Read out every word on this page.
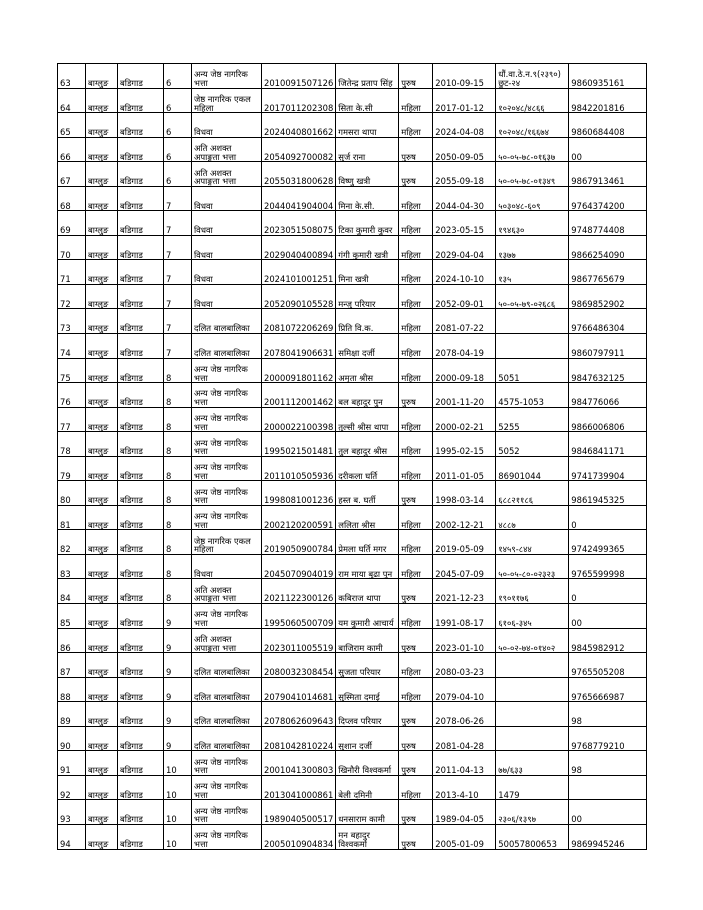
63	बाग्लुङ	बडिगाड	6	अन्य जेष्ठ नागरिक भत्ता	2010091507126	जितेन्द्र प्रताप सिंह	पुरुष	2010-09-15	धौं.वा.ठे.न.९(२३९०) छुट-२४	9860935161
64	बाग्लुङ	बडिगाड	6	जेष्ठ नागरिक एकल महिला	2017011202308	सिता के.सी	महिला	2017-01-12	१०२०४८/४८६६	9842201816
65	बाग्लुङ	बडिगाड	6	विधवा	2024040801662	गमसरा थापा	महिला	2024-04-08	१०२०४८/१६६७४	9860684408
66	बाग्लुङ	बडिगाड	6	अति अशक्त अपाङ्गता भत्ता	2054092700082	सुर्ज राना	पुरुष	2050-09-05	५०-०५-७८-०१६३७	00
67	बाग्लुङ	बडिगाड	6	अति अशक्त अपाङ्गता भत्ता	2055031800628	विष्णु खत्री	पुरुष	2055-09-18	५०-०५-७८-०१३४९	9867913461
68	बाग्लुङ	बडिगाड	7	विधवा	2044041904004	मिना के.सी.	महिला	2044-04-30	५०३०४८-६०९	9764374200
69	बाग्लुङ	बडिगाड	7	विधवा	2023051508075	टिका कुमारी कुवर	महिला	2023-05-15	१९४६३०	9748774408
70	बाग्लुङ	बडिगाड	7	विधवा	2029040400894	गंगी कुमारी खत्री	महिला	2029-04-04	१३७७	9866254090
71	बाग्लुङ	बडिगाड	7	विधवा	2024101001251	मिना खत्री	महिला	2024-10-10	१३५	9867765679
72	बाग्लुङ	बडिगाड	7	विधवा	2052090105528	मन्जु परियार	महिला	2052-09-01	५०-०५-७९-०२६८६	9869852902
73	बाग्लुङ	बडिगाड	7	दलित बालबालिका	2081072206269	प्रिति वि.क.	महिला	2081-07-22		9766486304
74	बाग्लुङ	बडिगाड	7	दलित बालबालिका	2078041906631	समिक्षा दर्जी	महिला	2078-04-19		9860797911
75	बाग्लुङ	बडिगाड	8	अन्य जेष्ठ नागरिक भत्ता	2000091801162	अमृता श्रीस	महिला	2000-09-18	5051	9847632125
76	बाग्लुङ	बडिगाड	8	अन्य जेष्ठ नागरिक भत्ता	2001112001462	बल बहादुर पुन	पुरुष	2001-11-20	4575-1053	984776066
77	बाग्लुङ	बडिगाड	8	अन्य जेष्ठ नागरिक भत्ता	2000022100398	तुल्सी श्रीस थापा	महिला	2000-02-21	5255	9866006806
78	बाग्लुङ	बडिगाड	8	अन्य जेष्ठ नागरिक भत्ता	1995021501481	तुल बहादुर श्रीस	महिला	1995-02-15	5052	9846841171
79	बाग्लुङ	बडिगाड	8	अन्य जेष्ठ नागरिक भत्ता	2011010505936	दरीकला घर्ति	महिला	2011-01-05	86901044	9741739904
80	बाग्लुङ	बडिगाड	8	अन्य जेष्ठ नागरिक भत्ता	1998081001236	हस्त ब. घर्ती	पुरुष	1998-03-14	६८८२११८६	9861945325
81	बाग्लुङ	बडिगाड	8	अन्य जेष्ठ नागरिक भत्ता	2002120200591	ललिता श्रीस	महिला	2002-12-21	४८८७	0
82	बाग्लुङ	बडिगाड	8	जेष्ठ नागरिक एकल महिला	2019050900784	प्रेमला घर्ति मगर	महिला	2019-05-09	१४५९-८४४	9742499365
83	बाग्लुङ	बडिगाड	8	विधवा	2045070904019	राम माया बुढा पुन	महिला	2045-07-09	५०-०५-८०-०२३२३	9765599998
84	बाग्लुङ	बडिगाड	8	अति अशक्त अपाङ्गता भत्ता	2021122300126	कबिराज थापा	पुरुष	2021-12-23	१९०११७६	0
85	बाग्लुङ	बडिगाड	9	अन्य जेष्ठ नागरिक भत्ता	1995060500709	यम कुमारी आचार्य	महिला	1991-08-17	६१०६-३४५	00
86	बाग्लुङ	बडिगाड	9	अति अशक्त अपाङ्गता भत्ता	2023011005519	बाजिराम कामी	पुरुष	2023-01-10	५०-०२-७४-०१४०२	9845982912
87	बाग्लुङ	बडिगाड	9	दलित बालबालिका	2080032308454	सुजता परियार	महिला	2080-03-23		9765505208
88	बाग्लुङ	बडिगाड	9	दलित बालबालिका	2079041014681	सुस्मिता दमाई	महिला	2079-04-10		9765666987
89	बाग्लुङ	बडिगाड	9	दलित बालबालिका	2078062609643	दिप्लव परियार	पुरुष	2078-06-26		98
90	बाग्लुङ	बडिगाड	9	दलित बालबालिका	2081042810224	सुशान दर्जी	पुरुष	2081-04-28		9768779210
91	बाग्लुङ	बडिगाड	10	अन्य जेष्ठ नागरिक भत्ता	2001041300803	खिनौरी विश्वकर्मा	पुरुष	2011-04-13	७७/६३३	98
92	बाग्लुङ	बडिगाड	10	अन्य जेष्ठ नागरिक भत्ता	2013041000861	बेली दमिनी	महिला	2013-4-10	1479	
93	बाग्लुङ	बडिगाड	10	अन्य जेष्ठ नागरिक भत्ता	1989040500517	धनसाराम कामी	पुरुष	1989-04-05	२३०६/१३९७	00
94	बाग्लुङ	बडिगाड	10	अन्य जेष्ठ नागरिक भत्ता	2005010904834	मन बहादुर विश्वकर्मा	पुरुष	2005-01-09	50057800653	9869945246
